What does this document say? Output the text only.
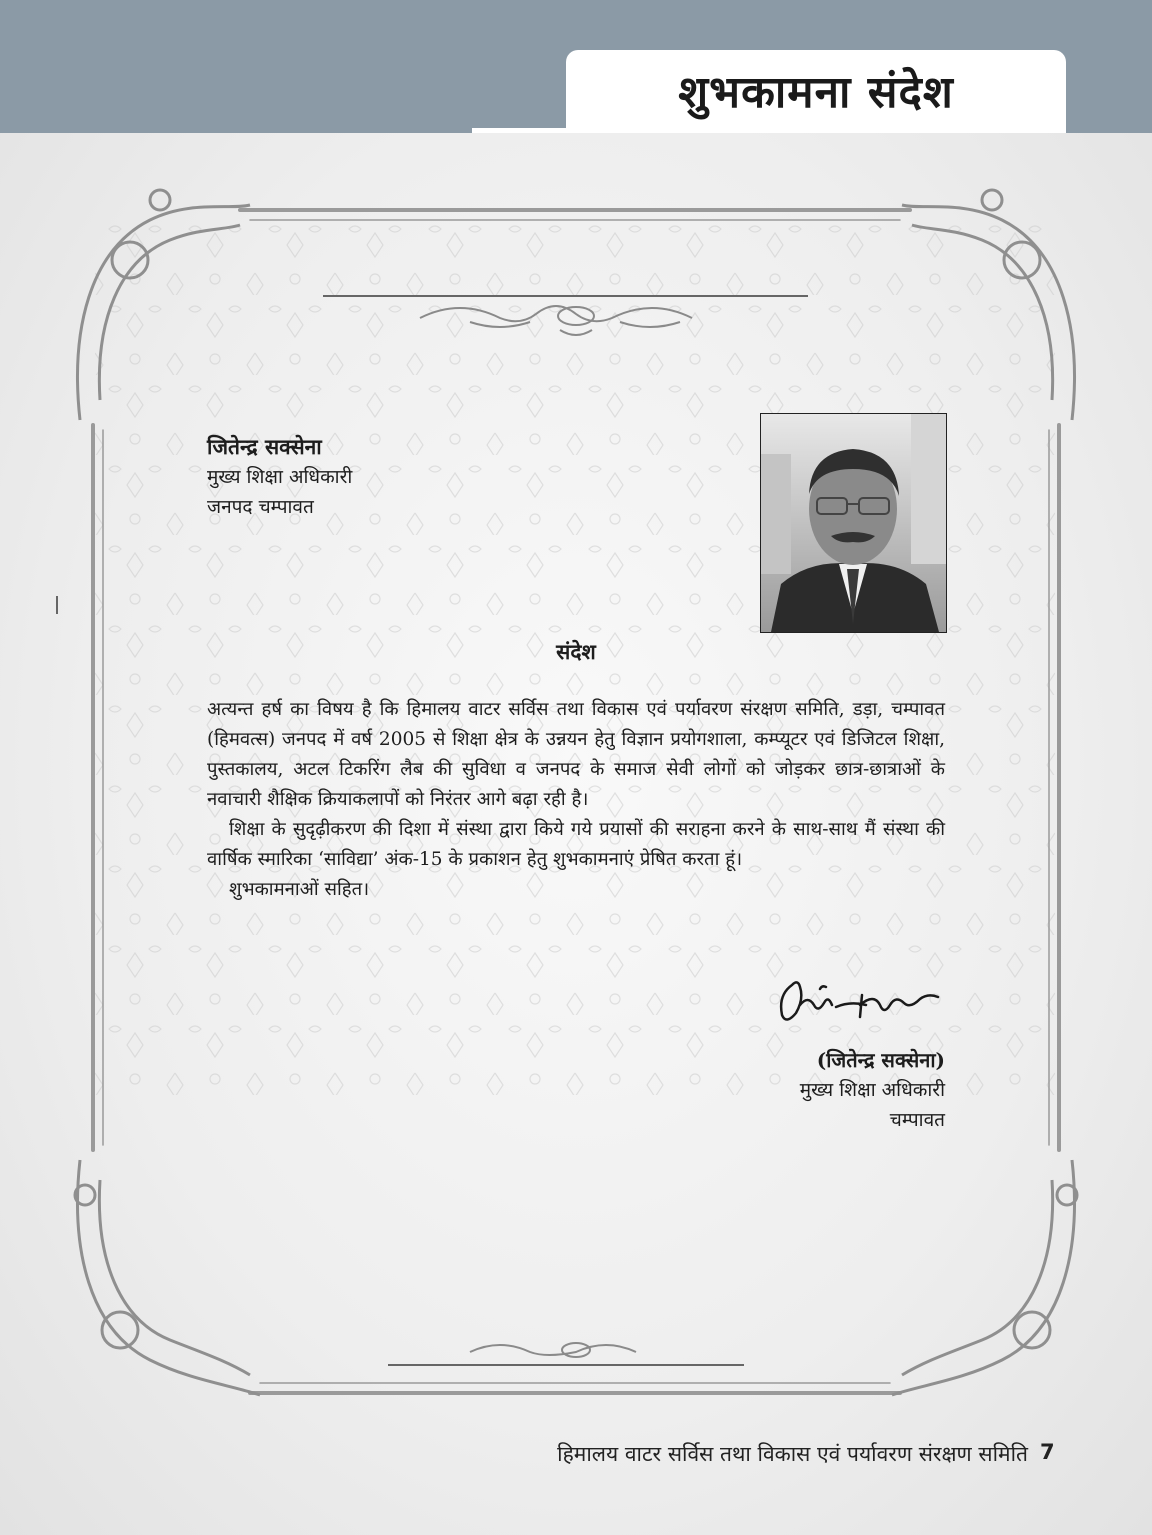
शुभकामना संदेश
जितेन्द्र सक्सेना
मुख्य शिक्षा अधिकारी
जनपद चम्पावत
संदेश

अत्यन्त हर्ष का विषय है कि हिमालय वाटर सर्विस तथा विकास एवं पर्यावरण संरक्षण समिति, डड़ा, चम्पावत (हिमवत्स) जनपद में वर्ष 2005 से शिक्षा क्षेत्र के उन्नयन हेतु विज्ञान प्रयोगशाला, कम्प्यूटर एवं डिजिटल शिक्षा, पुस्तकालय, अटल टिकरिंग लैब की सुविधा व जनपद के समाज सेवी लोगों को जोड़कर छात्र-छात्राओं के नवाचारी शैक्षिक क्रियाकलापों को निरंतर आगे बढ़ा रही है।

शिक्षा के सुदृढ़ीकरण की दिशा में संस्था द्वारा किये गये प्रयासों की सराहना करने के साथ-साथ मैं संस्था की वार्षिक स्मारिका ‘साविद्या’ अंक-15 के प्रकाशन हेतु शुभकामनाएं प्रेषित करता हूं।

शुभकामनाओं सहित।

(जितेन्द्र सक्सेना)
मुख्य शिक्षा अधिकारी
चम्पावत
हिमालय वाटर सर्विस तथा विकास एवं पर्यावरण संरक्षण समिति 7
